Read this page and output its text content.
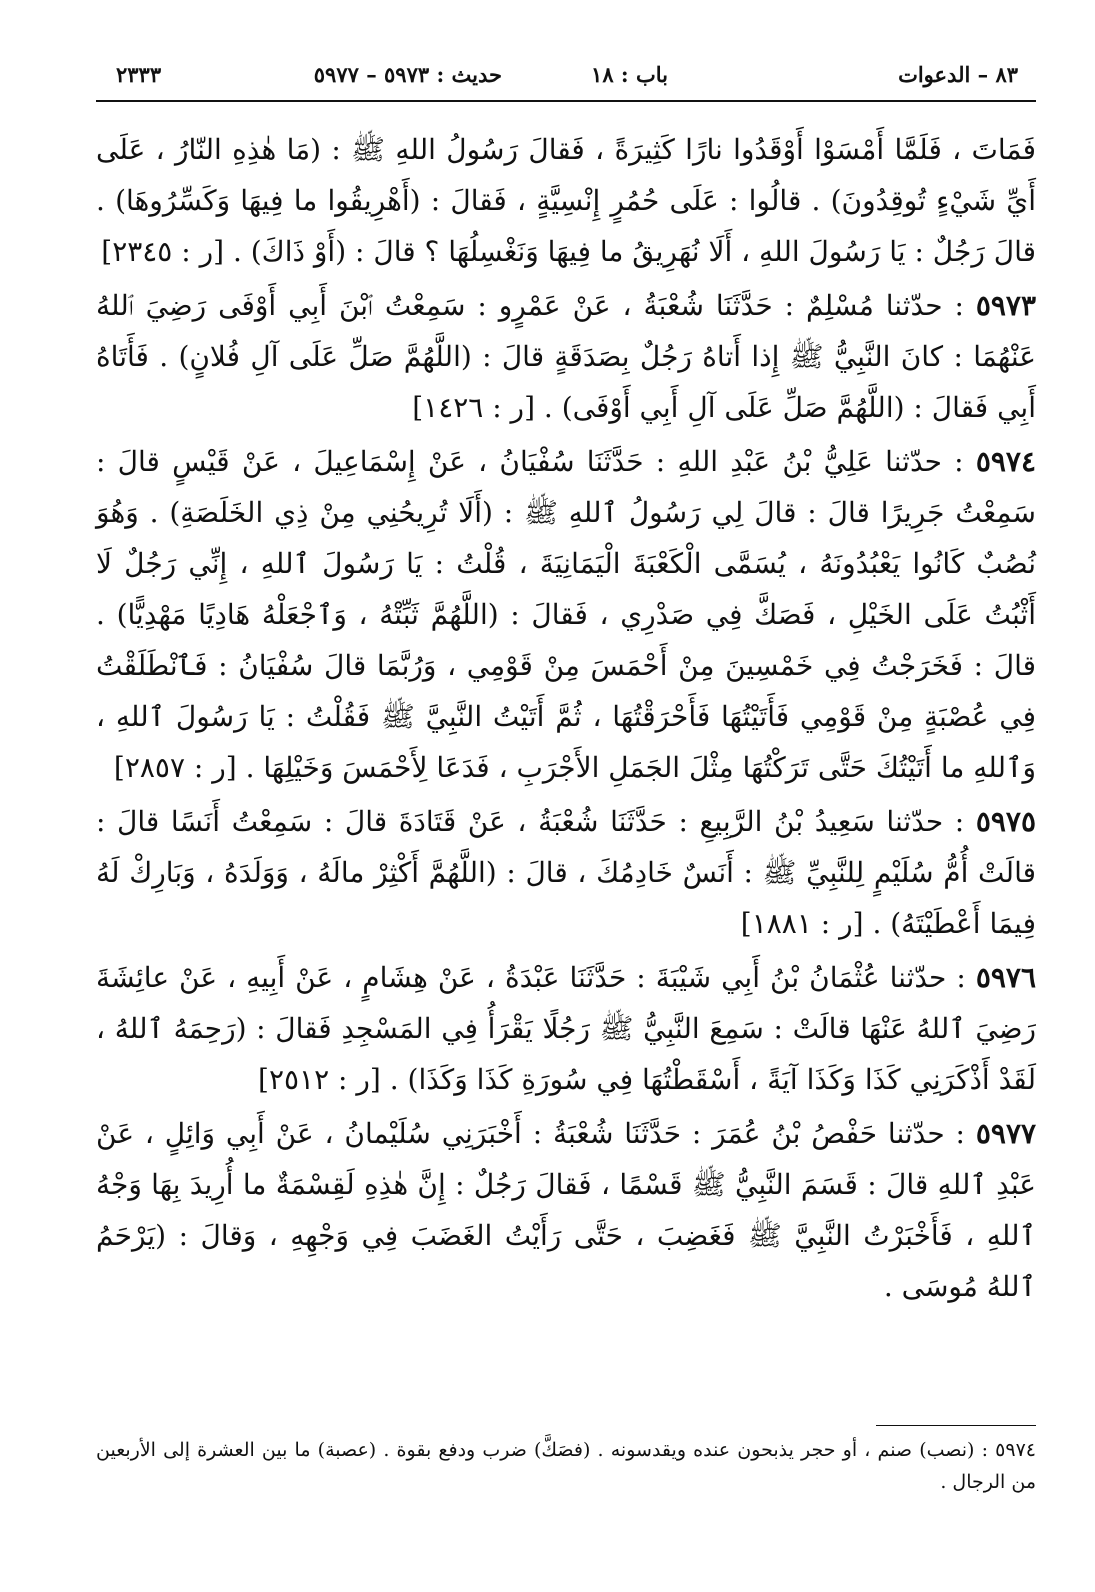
٨٣ – الدعوات
باب : ١٨
حديث : ٥٩٧٣ – ٥٩٧٧
٢٣٣٣

فَمَاتَ ، فَلَمَّا أَمْسَوْا أَوْقَدُوا نارًا كَثِيرَةً ، فَقالَ رَسُولُ اللهِ ﷺ : (مَا هٰذِهِ النّارُ ، عَلَى أَيِّ شَيْءٍ تُوقِدُونَ) . قالُوا : عَلَى حُمُرٍ إِنْسِيَّةٍ ، فَقالَ : (أَهْرِيقُوا ما فِيهَا وَكَسِّرُوهَا) . قالَ رَجُلٌ : يَا رَسُولَ اللهِ ، أَلَا نُهَرِيقُ ما فِيهَا وَنَغْسِلُهَا ؟ قالَ : (أَوْ ذَاكَ) . [ر : ٢٣٤٥]

٥٩٧٣ : حدّثنا مُسْلِمٌ : حَدَّثَنَا شُعْبَةُ ، عَنْ عَمْرٍو : سَمِعْتُ ٱبْنَ أَبِي أَوْفَى رَضِيَ ٱللهُ عَنْهُمَا : كانَ النَّبِيُّ ﷺ إِذا أَتاهُ رَجُلٌ بِصَدَقَةٍ قالَ : (اللَّهُمَّ صَلِّ عَلَى آلِ فُلانٍ) . فَأَتَاهُ أَبِي فَقالَ : (اللَّهُمَّ صَلِّ عَلَى آلِ أَبِي أَوْفَى) . [ر : ١٤٢٦]

٥٩٧٤ : حدّثنا عَلِيُّ بْنُ عَبْدِ اللهِ : حَدَّثَنَا سُفْيَانُ ، عَنْ إِسْمَاعِيلَ ، عَنْ قَيْسٍ قالَ : سَمِعْتُ جَرِيرًا قالَ : قالَ لِي رَسُولُ ٱللهِ ﷺ : (أَلَا تُرِيحُنِي مِنْ ذِي الخَلَصَةِ) . وَهُوَ نُصُبٌ كَانُوا يَعْبُدُونَهُ ، يُسَمَّى الْكَعْبَةَ الْيَمَانِيَةَ ، قُلْتُ : يَا رَسُولَ ٱللهِ ، إِنِّي رَجُلٌ لَا أَثْبُتُ عَلَى الخَيْلِ ، فَصَكَّ فِي صَدْرِي ، فَقالَ : (اللَّهُمَّ ثَبِّتْهُ ، وَٱجْعَلْهُ هَادِيًا مَهْدِيًّا) . قالَ : فَخَرَجْتُ فِي خَمْسِينَ مِنْ أَحْمَسَ مِنْ قَوْمِي ، وَرُبَّمَا قالَ سُفْيَانُ : فَٱنْطَلَقْتُ فِي عُصْبَةٍ مِنْ قَوْمِي فَأَتَيْتُهَا فَأَحْرَقْتُهَا ، ثُمَّ أَتَيْتُ النَّبِيَّ ﷺ فَقُلْتُ : يَا رَسُولَ ٱللهِ ، وَٱللهِ ما أَتَيْتُكَ حَتَّى تَرَكْتُهَا مِثْلَ الجَمَلِ الأَجْرَبِ ، فَدَعَا لِأَحْمَسَ وَخَيْلِهَا . [ر : ٢٨٥٧]

٥٩٧٥ : حدّثنا سَعِيدُ بْنُ الرَّبِيعِ : حَدَّثَنَا شُعْبَةُ ، عَنْ قَتَادَةَ قالَ : سَمِعْتُ أَنَسًا قالَ : قالَتْ أُمُّ سُلَيْمٍ لِلنَّبِيِّ ﷺ : أَنَسٌ خَادِمُكَ ، قالَ : (اللَّهُمَّ أَكْثِرْ مالَهُ ، وَوَلَدَهُ ، وَبَارِكْ لَهُ فِيمَا أَعْطَيْتَهُ) . [ر : ١٨٨١]

٥٩٧٦ : حدّثنا عُثْمَانُ بْنُ أَبِي شَيْبَةَ : حَدَّثَنَا عَبْدَةُ ، عَنْ هِشَامٍ ، عَنْ أَبِيهِ ، عَنْ عائِشَةَ رَضِيَ ٱللهُ عَنْهَا قالَتْ : سَمِعَ النَّبِيُّ ﷺ رَجُلًا يَقْرَأُ فِي المَسْجِدِ فَقالَ : (رَحِمَهُ ٱللهُ ، لَقَدْ أَذْكَرَنِي كَذَا وَكَذَا آيَةً ، أَسْقَطْتُهَا فِي سُورَةِ كَذَا وَكَذَا) . [ر : ٢٥١٢]

٥٩٧٧ : حدّثنا حَفْصُ بْنُ عُمَرَ : حَدَّثَنَا شُعْبَةُ : أَخْبَرَنِي سُلَيْمانُ ، عَنْ أَبِي وَائِلٍ ، عَنْ عَبْدِ ٱللهِ قالَ : قَسَمَ النَّبِيُّ ﷺ قَسْمًا ، فَقالَ رَجُلٌ : إِنَّ هٰذِهِ لَقِسْمَةٌ ما أُرِيدَ بِهَا وَجْهُ ٱللهِ ، فَأَخْبَرْتُ النَّبِيَّ ﷺ فَغَضِبَ ، حَتَّى رَأَيْتُ الغَضَبَ فِي وَجْهِهِ ، وَقالَ : (يَرْحَمُ ٱللهُ مُوسَى .

٥٩٧٤ : (نصب) صنم ، أو حجر يذبحون عنده ويقدسونه . (فصَكَّ) ضرب ودفع بقوة . (عصبة) ما بين العشرة إلى الأربعين من الرجال .
